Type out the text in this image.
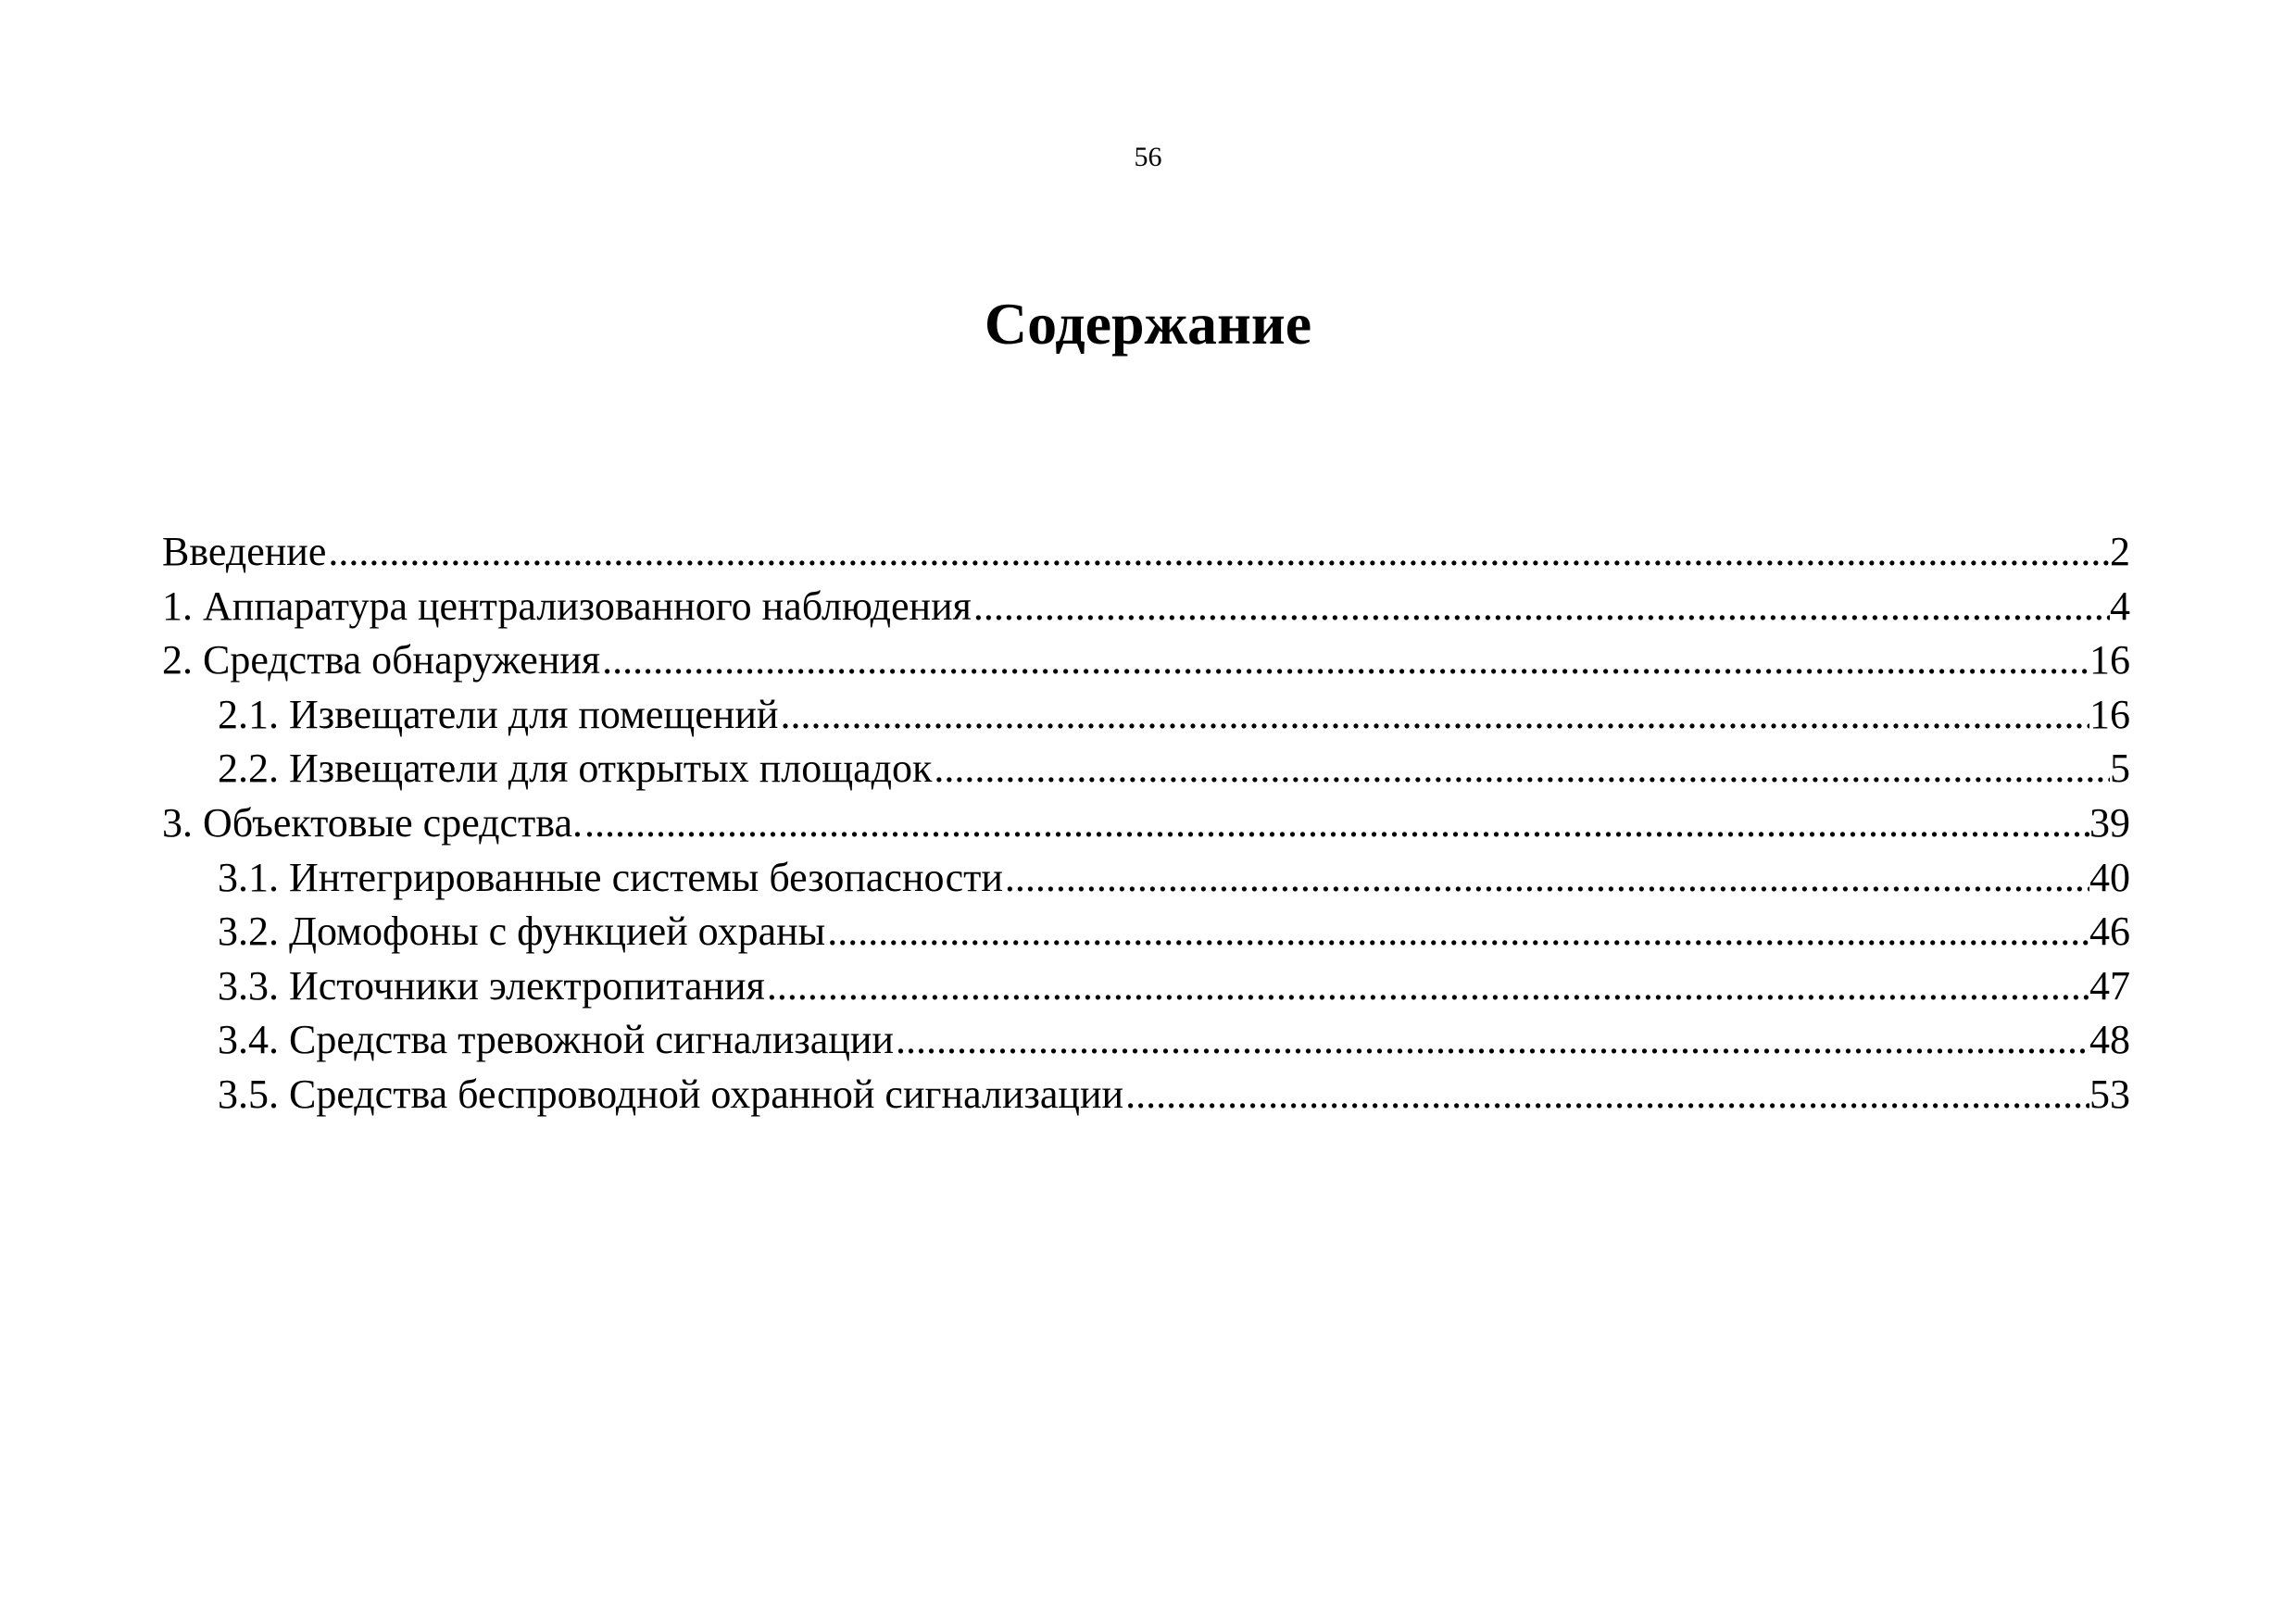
56
Содержание
Введение .....	2
1. Аппаратура централизованного наблюдения .....	4
2. Средства обнаружения .....	16
2.1. Извещатели для помещений .....	16
2.2. Извещатели для открытых площадок .....	5
3. Объектовые средства. .....	39
3.1. Интегрированные системы безопасности .....	40
3.2. Домофоны с функцией охраны .....	46
3.3. Источники электропитания .....	47
3.4. Средства тревожной сигнализации .....	48
3.5. Средства беспроводной охранной сигнализации .....	53
